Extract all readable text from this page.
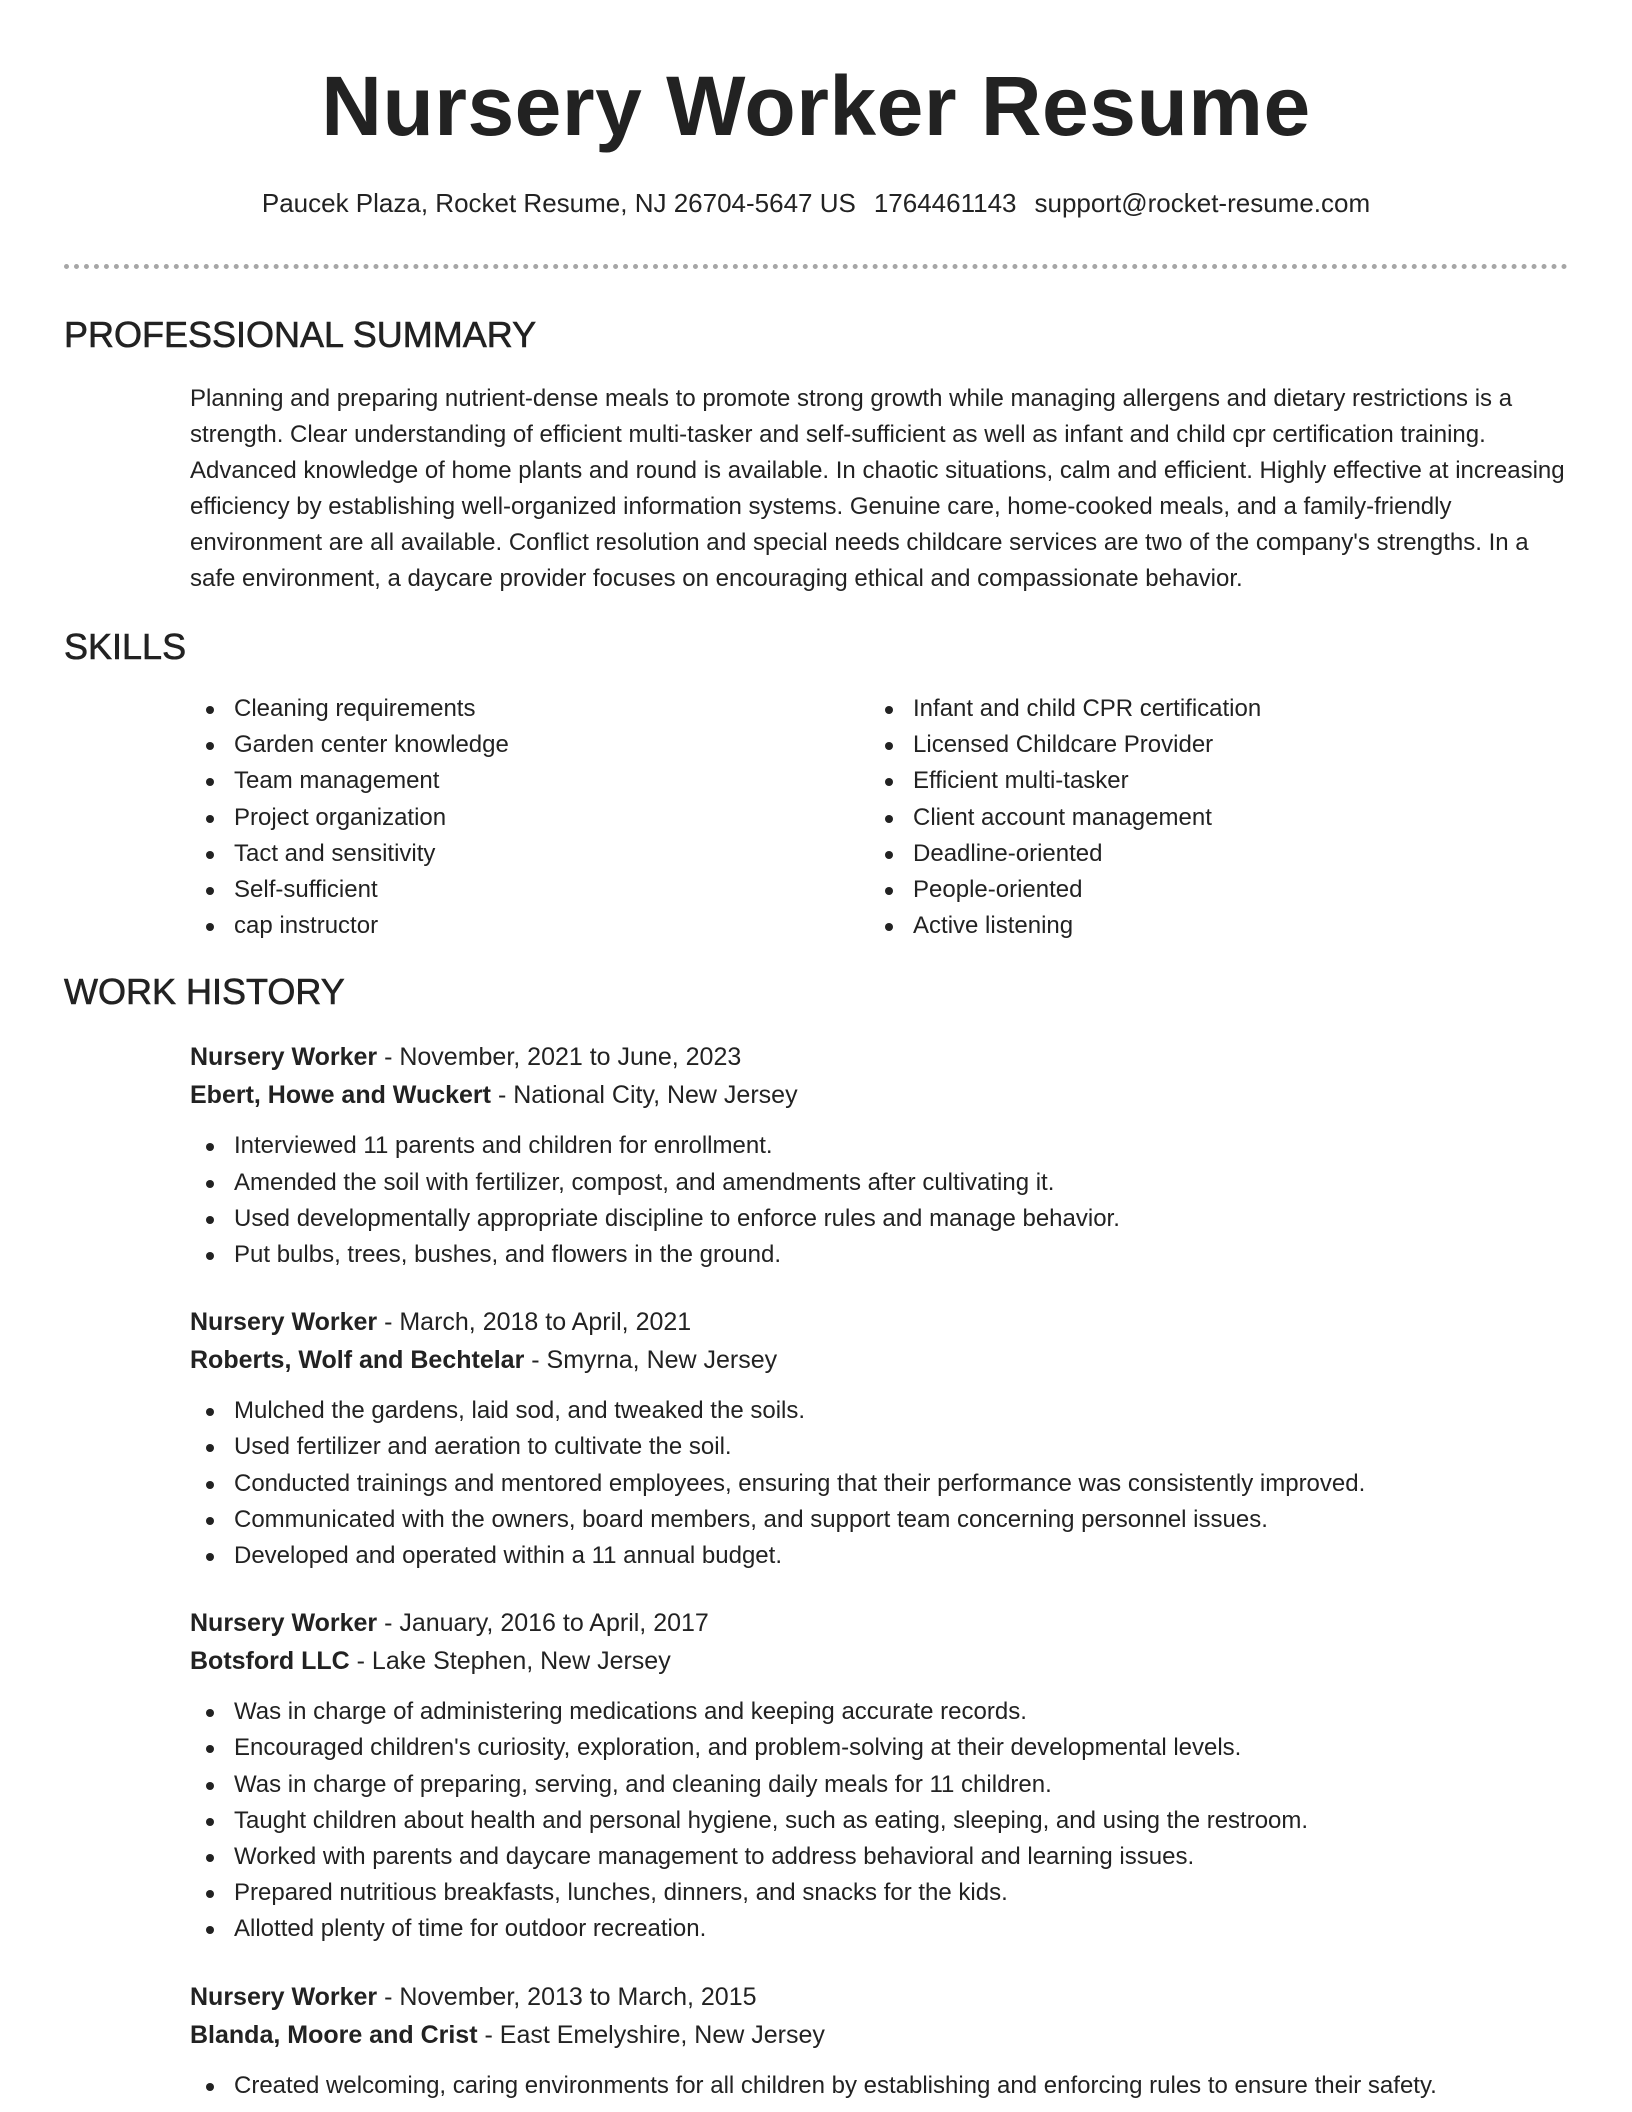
Nursery Worker Resume
Paucek Plaza, Rocket Resume, NJ 26704-5647 US 1764461143 support@rocket-resume.com
PROFESSIONAL SUMMARY

Planning and preparing nutrient-dense meals to promote strong growth while managing allergens and dietary restrictions is a strength. Clear understanding of efficient multi-tasker and self-sufficient as well as infant and child cpr certification training. Advanced knowledge of home plants and round is available. In chaotic situations, calm and efficient. Highly effective at increasing efficiency by establishing well-organized information systems. Genuine care, home-cooked meals, and a family-friendly environment are all available. Conflict resolution and special needs childcare services are two of the company's strengths. In a safe environment, a daycare provider focuses on encouraging ethical and compassionate behavior.

SKILLS
Cleaning requirements
Garden center knowledge
Team management
Project organization
Tact and sensitivity
Self-sufficient
cap instructor
Infant and child CPR certification
Licensed Childcare Provider
Efficient multi-tasker
Client account management
Deadline-oriented
People-oriented
Active listening
WORK HISTORY
Nursery Worker - November, 2021 to June, 2023
Ebert, Howe and Wuckert - National City, New Jersey
Interviewed 11 parents and children for enrollment.
Amended the soil with fertilizer, compost, and amendments after cultivating it.
Used developmentally appropriate discipline to enforce rules and manage behavior.
Put bulbs, trees, bushes, and flowers in the ground.
Nursery Worker - March, 2018 to April, 2021
Roberts, Wolf and Bechtelar - Smyrna, New Jersey
Mulched the gardens, laid sod, and tweaked the soils.
Used fertilizer and aeration to cultivate the soil.
Conducted trainings and mentored employees, ensuring that their performance was consistently improved.
Communicated with the owners, board members, and support team concerning personnel issues.
Developed and operated within a 11 annual budget.
Nursery Worker - January, 2016 to April, 2017
Botsford LLC - Lake Stephen, New Jersey
Was in charge of administering medications and keeping accurate records.
Encouraged children's curiosity, exploration, and problem-solving at their developmental levels.
Was in charge of preparing, serving, and cleaning daily meals for 11 children.
Taught children about health and personal hygiene, such as eating, sleeping, and using the restroom.
Worked with parents and daycare management to address behavioral and learning issues.
Prepared nutritious breakfasts, lunches, dinners, and snacks for the kids.
Allotted plenty of time for outdoor recreation.
Nursery Worker - November, 2013 to March, 2015
Blanda, Moore and Crist - East Emelyshire, New Jersey
Created welcoming, caring environments for all children by establishing and enforcing rules to ensure their safety.
